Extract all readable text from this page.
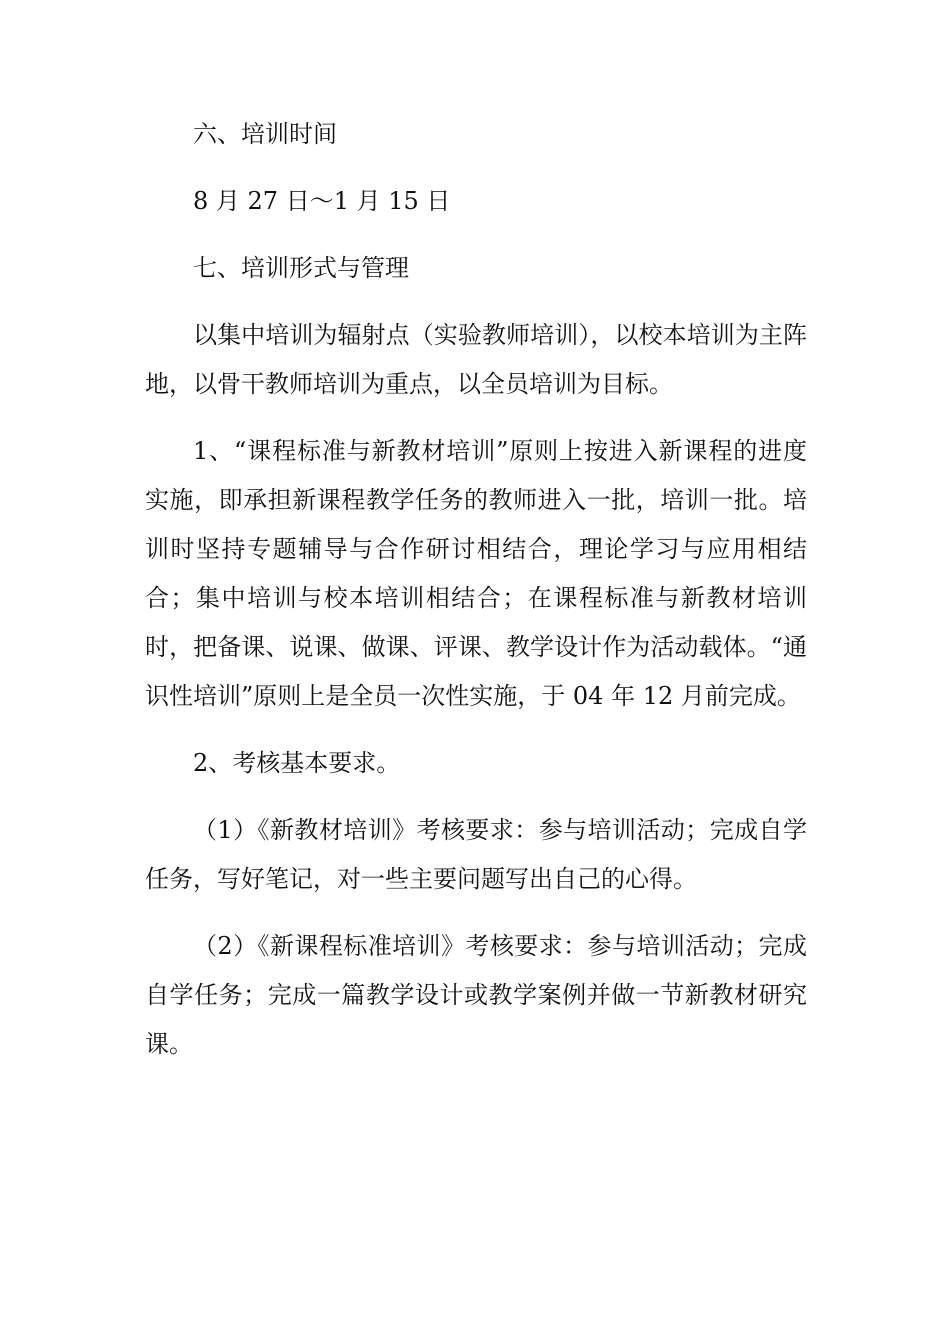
六、培训时间

8 月 27 日～1 月 15 日

七、培训形式与管理

以集中培训为辐射点（实验教师培训），以校本培训为主阵地，以骨干教师培训为重点，以全员培训为目标。

1、“课程标准与新教材培训”原则上按进入新课程的进度实施，即承担新课程教学任务的教师进入一批，培训一批。培训时坚持专题辅导与合作研讨相结合，理论学习与应用相结合；集中培训与校本培训相结合；在课程标准与新教材培训时，把备课、说课、做课、评课、教学设计作为活动载体。“通识性培训”原则上是全员一次性实施，于 04 年 12 月前完成。

2、考核基本要求。

（1）《新教材培训》考核要求：参与培训活动；完成自学任务，写好笔记，对一些主要问题写出自己的心得。

（2）《新课程标准培训》考核要求：参与培训活动；完成自学任务；完成一篇教学设计或教学案例并做一节新教材研究课。
